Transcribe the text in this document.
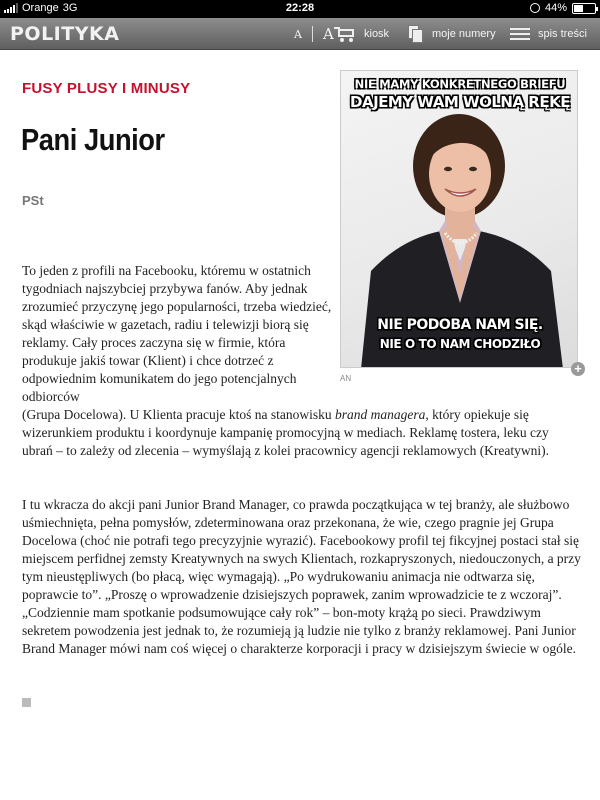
Orange 3G	22:28	44%
POLITYKA	A A	kiosk	moje numery	spis treści
FUSY PLUSY I MINUSY
Pani Junior
PSt
NIE MAMY KONKRETNEGO BRIEFU
DAJEMY WAM WOLNĄ RĘKĘ
NIE PODOBA NAM SIĘ.
NIE O TO NAM CHODZIŁO
AN
+

To jeden z profili na Facebooku, któremu w ostatnich tygodniach najszybciej przybywa fanów. Aby jednak zrozumieć przyczynę jego popularności, trzeba wiedzieć, skąd właściwie w gazetach, radiu i telewizji biorą się reklamy. Cały proces zaczyna się w firmie, która produkuje jakiś towar (Klient) i chce dotrzeć z odpowiednim komunikatem do jego potencjalnych odbiorców

(Grupa Docelowa). U Klienta pracuje ktoś na stanowisku brand managera, który opiekuje się wizerunkiem produktu i koordynuje kampanię promocyjną w mediach. Reklamę tostera, leku czy ubrań – to zależy od zlecenia – wymyślają z kolei pracownicy agencji reklamowych (Kreatywni).

I tu wkracza do akcji pani Junior Brand Manager, co prawda początkująca w tej branży, ale służbowo uśmiechnięta, pełna pomysłów, zdeterminowana oraz przekonana, że wie, czego pragnie jej Grupa Docelowa (choć nie potrafi tego precyzyjnie wyrazić). Facebookowy profil tej fikcyjnej postaci stał się miejscem perfidnej zemsty Kreatywnych na swych Klientach, rozkapryszonych, niedouczonych, a przy tym nieustępliwych (bo płacą, więc wymagają). „Po wydrukowaniu animacja nie odtwarza się, poprawcie to”. „Proszę o wprowadzenie dzisiejszych poprawek, zanim wprowadzicie te z wczoraj”. „Codziennie mam spotkanie podsumowujące cały rok” – bon-moty krążą po sieci. Prawdziwym sekretem powodzenia jest jednak to, że rozumieją ją ludzie nie tylko z branży reklamowej. Pani Junior Brand Manager mówi nam coś więcej o charakterze korporacji i pracy w dzisiejszym świecie w ogóle.
